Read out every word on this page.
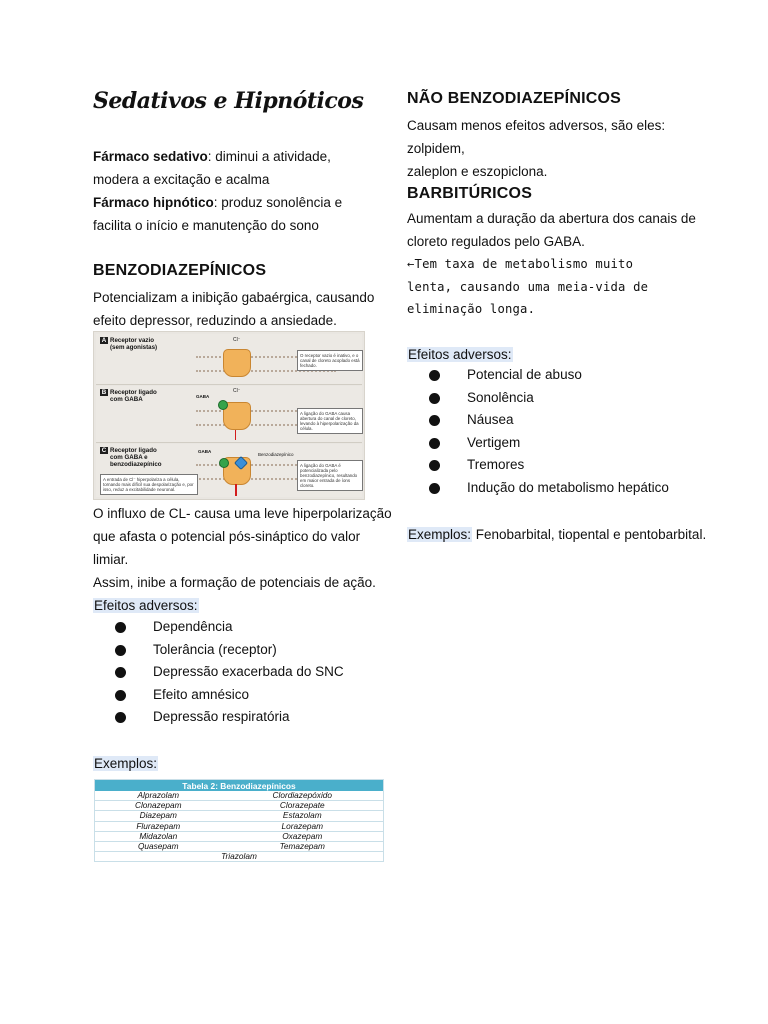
Sedativos e Hipnóticos

Fármaco sedativo: diminui a atividade,
modera a excitação e acalma
Fármaco hipnótico: produz sonolência e
facilita o início e manutenção do sono

BENZODIAZEPÍNICOS

Potencializam a inibição gabaérgica, causando
efeito depressor, reduzindo a ansiedade.

A Receptor vazio (sem agonistas)
Cl⁻
O receptor vazio é inativo, e o canal de cloreto acoplado está fechado.
B Receptor ligado com GABA	GABA
Cl⁻
A ligação do GABA causa abertura do canal de cloreto, levando à hiperpolarização da célula.
C Receptor ligado com GABA e benzodiazepínico
GABA
Benzodiazepínico
A ligação do GABA é potencializada pelo benzodiazepínico, resultando em maior entrada de íons cloreto.
A entrada de Cl⁻ hiperpolariza a célula, tornando mais difícil sua despolarização e, por isso, reduz a excitabilidade neuronal.

O influxo de CL- causa uma leve hiperpolarização
que afasta o potencial pós-sináptico do valor limiar.
Assim, inibe a formação de potenciais de ação.

Efeitos adversos:

Dependência
Tolerância (receptor)
Depressão exacerbada do SNC
Efeito amnésico
Depressão respiratória

Exemplos:

Tabela 2: Benzodiazepínicos	
Alprazolam	Clordiazepóxido
Clonazepam	Clorazepate
Diazepam	Estazolam
Flurazepam	Lorazepam
Midazolan	Oxazepam
Quasepam	Temazepam
Triazolam	
NÃO BENZODIAZEPÍNICOS

Causam menos efeitos adversos, são eles: zolpidem,
zaleplon e eszopiclona.

BARBITÚRICOS

Aumentam a duração da abertura dos canais de
cloreto regulados pelo GABA.

←Tem taxa de metabolismo muito
lenta, causando uma meia-vida de
eliminação longa.

Efeitos adversos:

Potencial de abuso
Sonolência
Náusea
Vertigem
Tremores
Indução do metabolismo hepático

Exemplos: Fenobarbital, tiopental e pentobarbital.
